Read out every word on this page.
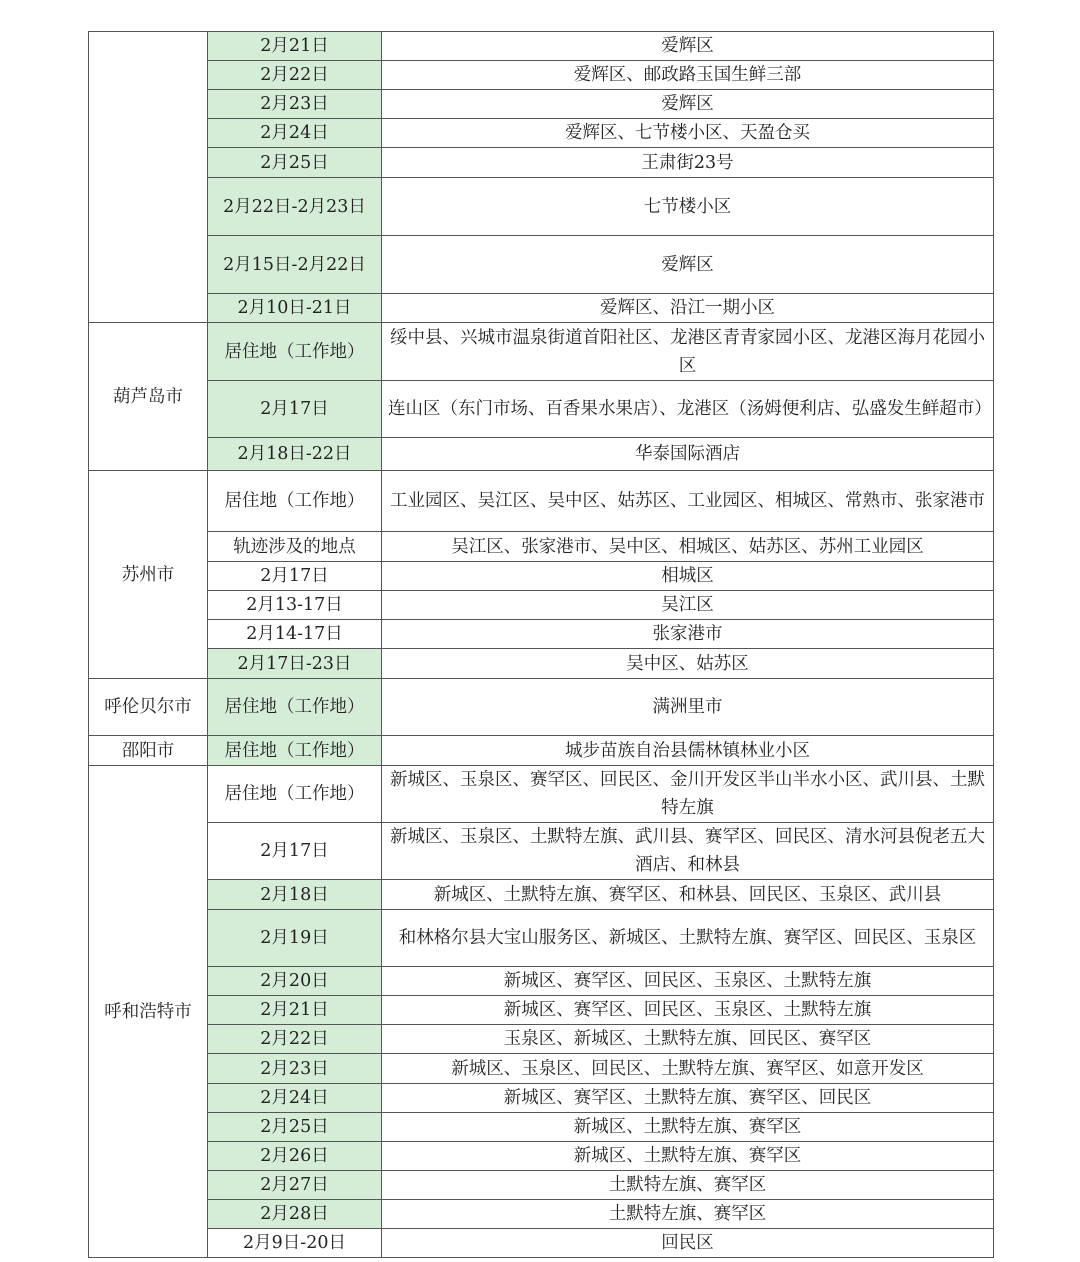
	2月21日	爱辉区
	2月22日	爱辉区、邮政路玉国生鲜三部
	2月23日	爱辉区
	2月24日	爱辉区、七节楼小区、天盈仓买
	2月25日	王肃街23号
	2月22日-2月23日	七节楼小区
	2月15日-2月22日	爱辉区
	2月10日-21日	爱辉区、沿江一期小区
葫芦岛市	居住地（工作地）	绥中县、兴城市温泉街道首阳社区、龙港区青青家园小区、龙港区海月花园小区
	2月17日	连山区（东门市场、百香果水果店）、龙港区（汤姆便利店、弘盛发生鲜超市）
	2月18日-22日	华泰国际酒店
苏州市	居住地（工作地）	工业园区、吴江区、吴中区、姑苏区、工业园区、相城区、常熟市、张家港市
	轨迹涉及的地点	吴江区、张家港市、吴中区、相城区、姑苏区、苏州工业园区
	2月17日	相城区
	2月13-17日	吴江区
	2月14-17日	张家港市
	2月17日-23日	吴中区、姑苏区
呼伦贝尔市	居住地（工作地）	满洲里市
邵阳市	居住地（工作地）	城步苗族自治县儒林镇林业小区
呼和浩特市	居住地（工作地）	新城区、玉泉区、赛罕区、回民区、金川开发区半山半水小区、武川县、土默特左旗
	2月17日	新城区、玉泉区、土默特左旗、武川县、赛罕区、回民区、清水河县倪老五大酒店、和林县
	2月18日	新城区、土默特左旗、赛罕区、和林县、回民区、玉泉区、武川县
	2月19日	和林格尔县大宝山服务区、新城区、土默特左旗、赛罕区、回民区、玉泉区
	2月20日	新城区、赛罕区、回民区、玉泉区、土默特左旗
	2月21日	新城区、赛罕区、回民区、玉泉区、土默特左旗
	2月22日	玉泉区、新城区、土默特左旗、回民区、赛罕区
	2月23日	新城区、玉泉区、回民区、土默特左旗、赛罕区、如意开发区
	2月24日	新城区、赛罕区、土默特左旗、赛罕区、回民区
	2月25日	新城区、土默特左旗、赛罕区
	2月26日	新城区、土默特左旗、赛罕区
	2月27日	土默特左旗、赛罕区
	2月28日	土默特左旗、赛罕区
	2月9日-20日	回民区
